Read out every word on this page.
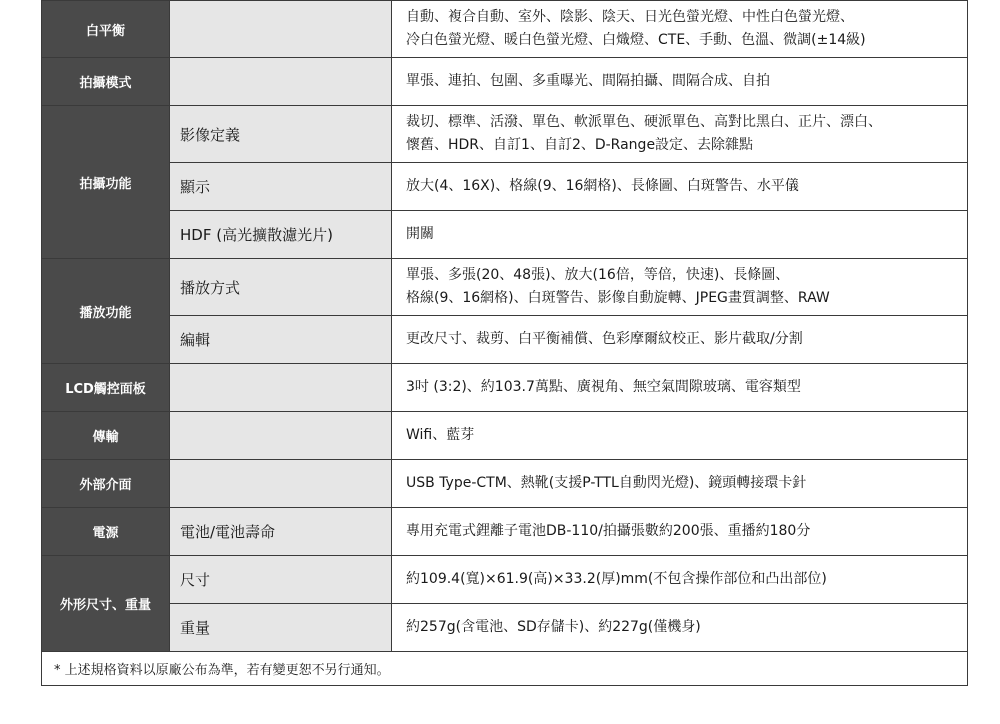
白平衡		自動、複合自動、室外、陰影、陰天、日光色螢光燈、中性白色螢光燈、
冷白色螢光燈、暖白色螢光燈、白熾燈、CTE、手動、色溫、微調(±14級)

拍攝模式		單張、連拍、包圍、多重曝光、間隔拍攝、間隔合成、自拍
拍攝功能	影像定義	裁切、標準、活潑、單色、軟派單色、硬派單色、高對比黑白、正片、漂白、
懷舊、HDR、自訂1、自訂2、D-Range設定、去除雜點

	顯示	放大(4、16X)、格線(9、16網格)、長條圖、白斑警告、水平儀
	HDF (高光擴散濾光片)	開關
播放功能	播放方式	單張、多張(20、48張)、放大(16倍，等倍，快速)、長條圖、
格線(9、16網格)、白斑警告、影像自動旋轉、JPEG畫質調整、RAW

	編輯	更改尺寸、裁剪、白平衡補償、色彩摩爾紋校正、影片截取/分割
LCD觸控面板		3吋 (3:2)、約103.7萬點、廣視角、無空氣間隙玻璃、電容類型
傳輸		Wifi、藍芽
外部介面		USB Type-CTM、熱靴(支援P-TTL自動閃光燈)、鏡頭轉接環卡針
電源	電池/電池壽命	專用充電式鋰離子電池DB-110/拍攝張數約200張、重播約180分
外形尺寸、重量	尺寸	約109.4(寬)×61.9(高)×33.2(厚)mm(不包含操作部位和凸出部位)
	重量	約257g(含電池、SD存儲卡)、約227g(僅機身)
* 上述規格資料以原廠公布為準，若有變更恕不另行通知。		
